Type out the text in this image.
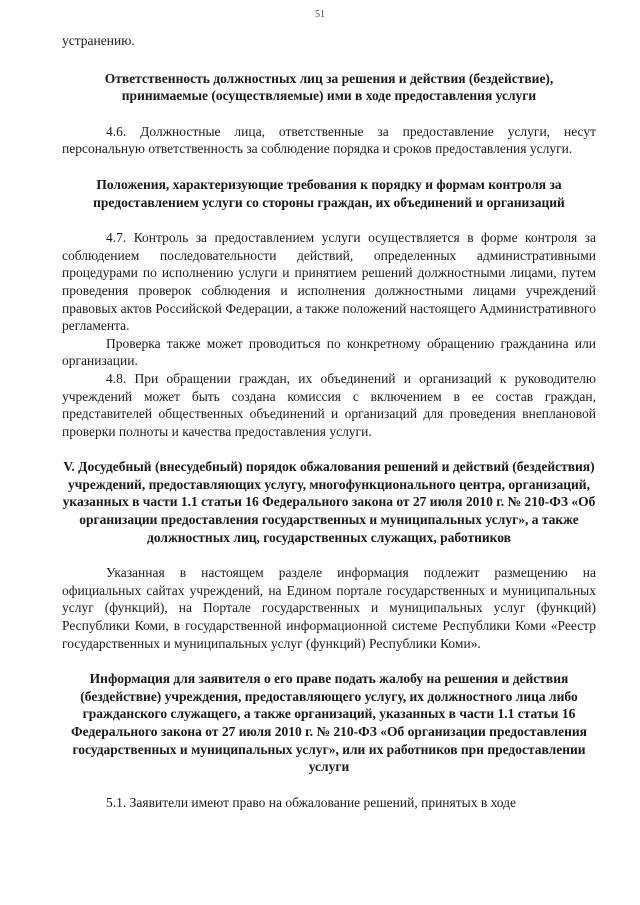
51

устранению.

Ответственность должностных лиц за решения и действия (бездействие), принимаемые (осуществляемые) ими в ходе предоставления услуги

4.6. Должностные лица, ответственные за предоставление услуги, несут персональную ответственность за соблюдение порядка и сроков предоставления услуги.

Положения, характеризующие требования к порядку и формам контроля за предоставлением услуги со стороны граждан, их объединений и организаций

4.7. Контроль за предоставлением услуги осуществляется в форме контроля за соблюдением последовательности действий, определенных административными процедурами по исполнению услуги и принятием решений должностными лицами, путем проведения проверок соблюдения и исполнения должностными лицами учреждений правовых актов Российской Федерации, а также положений настоящего Административного регламента.

Проверка также может проводиться по конкретному обращению гражданина или организации.

4.8. При обращении граждан, их объединений и организаций к руководителю учреждений может быть создана комиссия с включением в ее состав граждан, представителей общественных объединений и организаций для проведения внеплановой проверки полноты и качества предоставления услуги.

V. Досудебный (внесудебный) порядок обжалования решений и действий (бездействия) учреждений, предоставляющих услугу, многофункционального центра, организаций, указанных в части 1.1 статьи 16 Федерального закона от 27 июля 2010 г. № 210-ФЗ «Об организации предоставления государственных и муниципальных услуг», а также должностных лиц, государственных служащих, работников

Указанная в настоящем разделе информация подлежит размещению на официальных сайтах учреждений, на Едином портале государственных и муниципальных услуг (функций), на Портале государственных и муниципальных услуг (функций) Республики Коми, в государственной информационной системе Республики Коми «Реестр государственных и муниципальных услуг (функций) Республики Коми».

Информация для заявителя о его праве подать жалобу на решения и действия (бездействие) учреждения, предоставляющего услугу, их должностного лица либо гражданского служащего, а также организаций, указанных в части 1.1 статьи 16 Федерального закона от 27 июля 2010 г. № 210-ФЗ «Об организации предоставления государственных и муниципальных услуг», или их работников при предоставлении услуги

5.1. Заявители имеют право на обжалование решений, принятых в ходе
